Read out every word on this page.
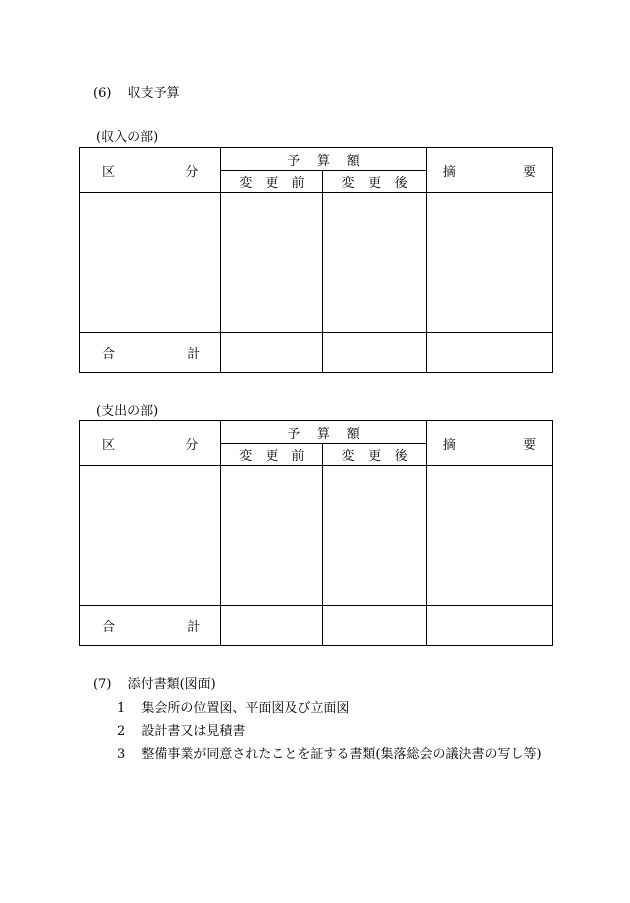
(6) 収支予算
(収入の部)
区 分	予 算 額		摘 要

	変 更 前	変 更 後	

合 計			

(支出の部)
区 分	予 算 額		摘 要

	変 更 前	変 更 後	

合 計			

(7) 添付書類(図面)
1 集会所の位置図、平面図及び立面図
2 設計書又は見積書
3 整備事業が同意されたことを証する書類(集落総会の議決書の写し等)
